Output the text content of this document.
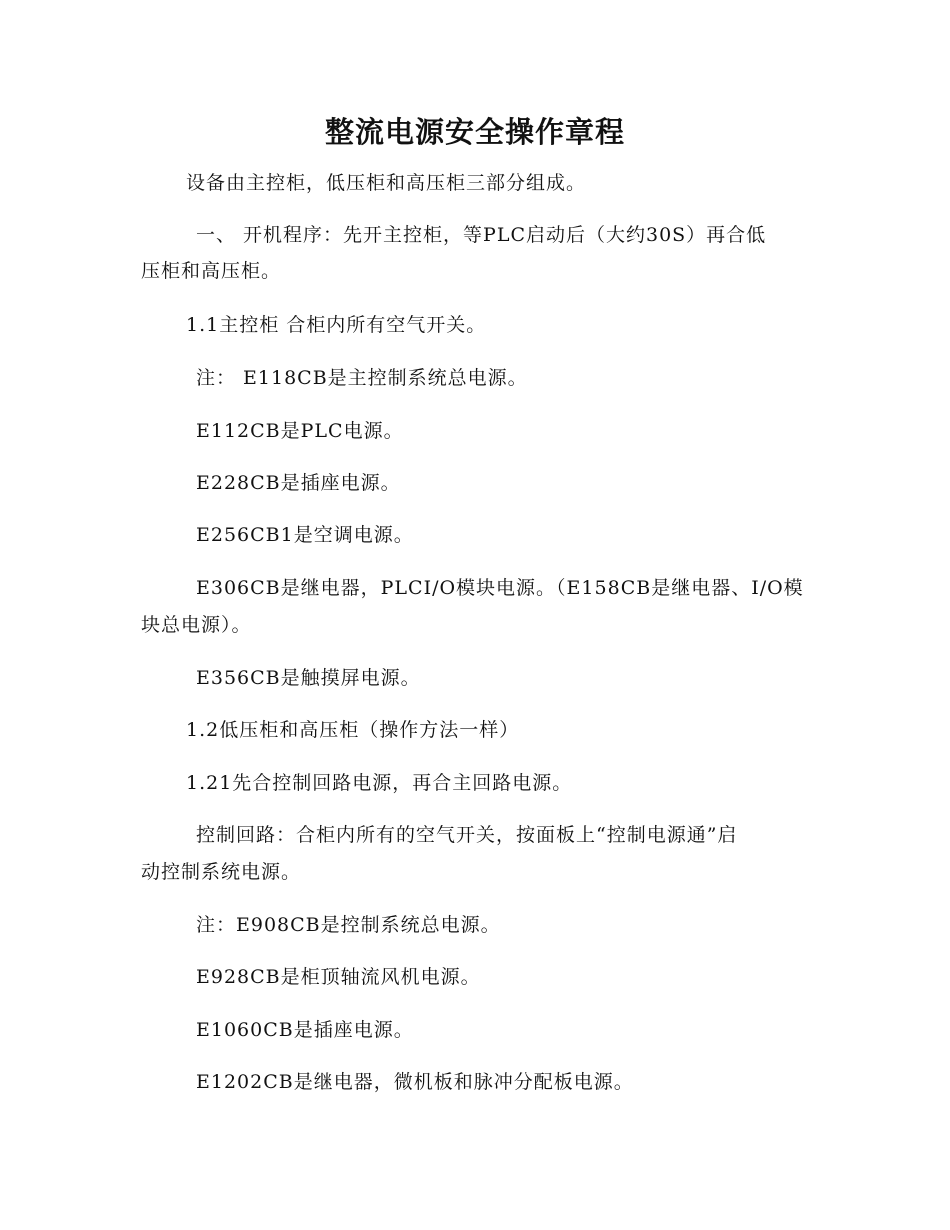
整流电源安全操作章程

设备由主控柜，低压柜和高压柜三部分组成。

一、 开机程序：先开主控柜，等PLC启动后（大约30S）再合低

压柜和高压柜。

1.1主控柜 合柜内所有空气开关。

注： E118CB是主控制系统总电源。

E112CB是PLC电源。

E228CB是插座电源。

E256CB1是空调电源。

E306CB是继电器，PLCI/O模块电源。（E158CB是继电器、I/O模

块总电源）。

E356CB是触摸屏电源。

1.2低压柜和高压柜（操作方法一样）

1.21先合控制回路电源，再合主回路电源。

控制回路：合柜内所有的空气开关，按面板上“控制电源通”启

动控制系统电源。

注：E908CB是控制系统总电源。

E928CB是柜顶轴流风机电源。

E1060CB是插座电源。

E1202CB是继电器，微机板和脉冲分配板电源。
